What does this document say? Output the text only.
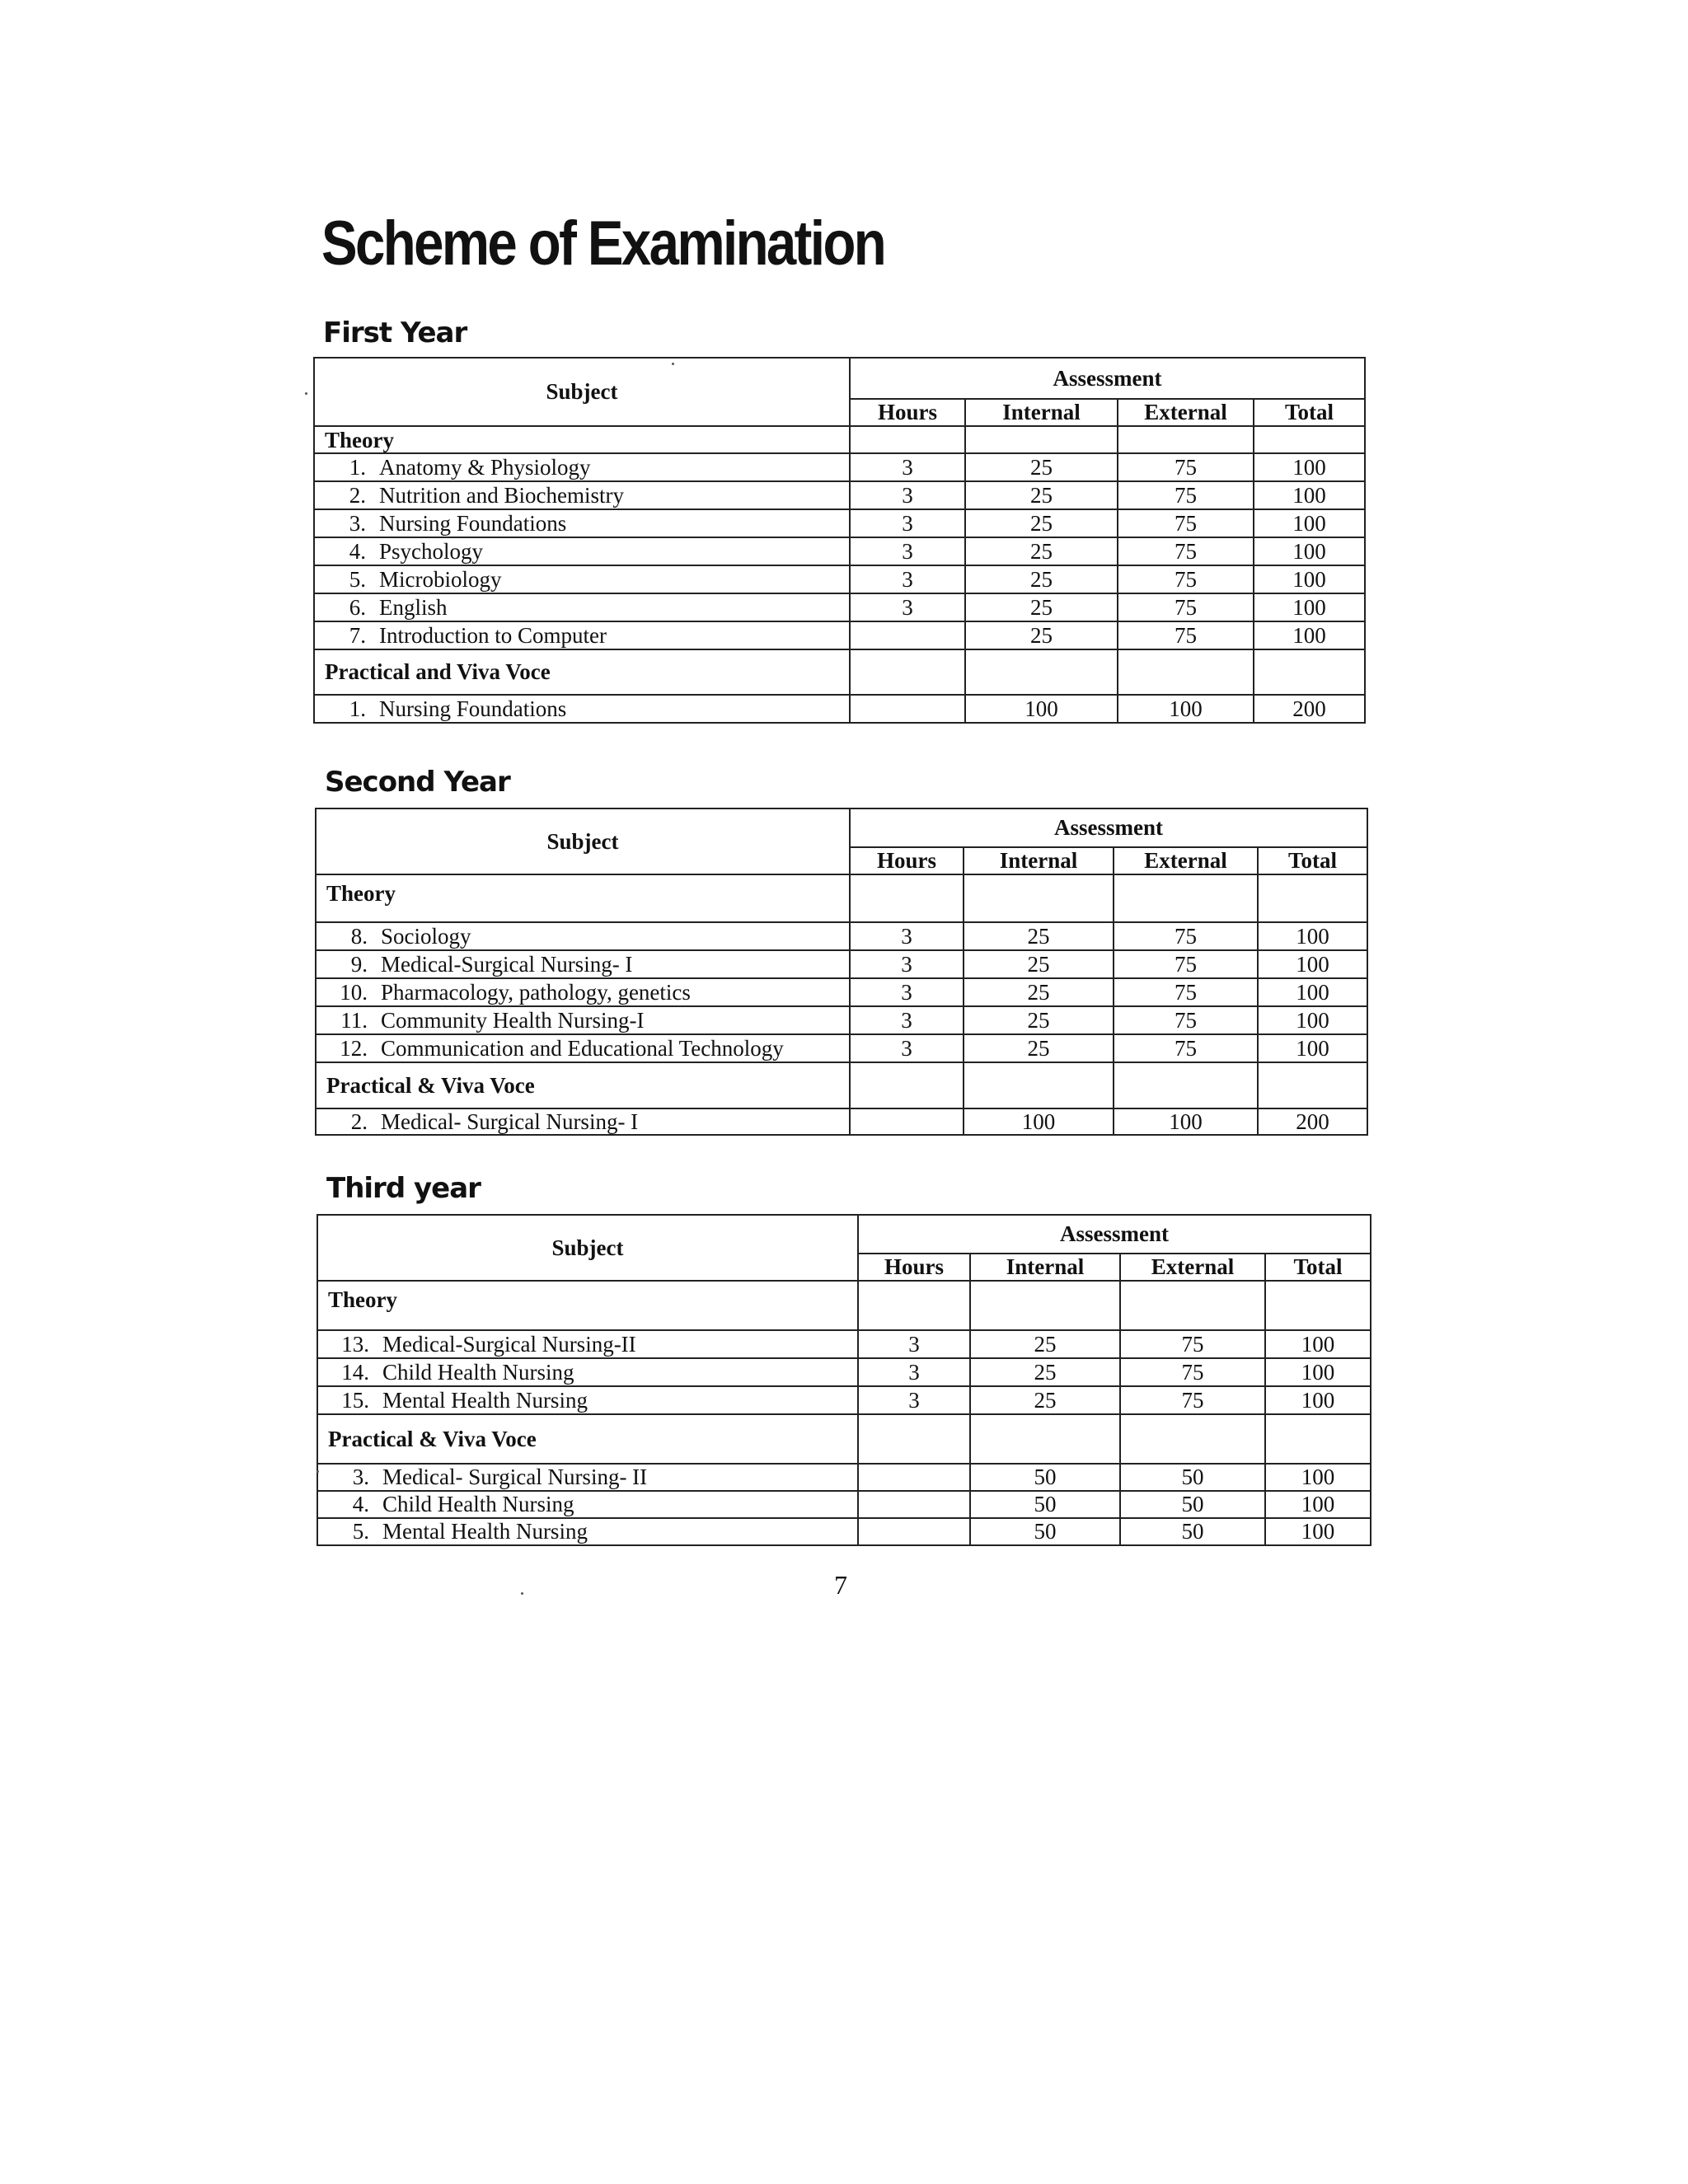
Scheme of Examination
First Year
Subject	Assessment			
	Hours	Internal	External	Total
Theory				
1. Anatomy & Physiology	3	25	75	100
2. Nutrition and Biochemistry	3	25	75	100
3. Nursing Foundations	3	25	75	100
4. Psychology	3	25	75	100
5. Microbiology	3	25	75	100
6. English	3	25	75	100
7. Introduction to Computer		25	75	100
Practical and Viva Voce				
1. Nursing Foundations		100	100	200
Second Year
Subject	Assessment			
	Hours	Internal	External	Total
Theory				
8. Sociology	3	25	75	100
9. Medical-Surgical Nursing- I	3	25	75	100
10. Pharmacology, pathology, genetics	3	25	75	100
11. Community Health Nursing-I	3	25	75	100
12. Communication and Educational Technology	3	25	75	100
Practical & Viva Voce				
2. Medical- Surgical Nursing- I		100	100	200
Third year
Subject	Assessment			
	Hours	Internal	External	Total
Theory				
13. Medical-Surgical Nursing-II	3	25	75	100
14. Child Health Nursing	3	25	75	100
15. Mental Health Nursing	3	25	75	100
Practical & Viva Voce				
3. Medical- Surgical Nursing- II		50	50	100
4. Child Health Nursing		50	50	100
5. Mental Health Nursing		50	50	100
7
